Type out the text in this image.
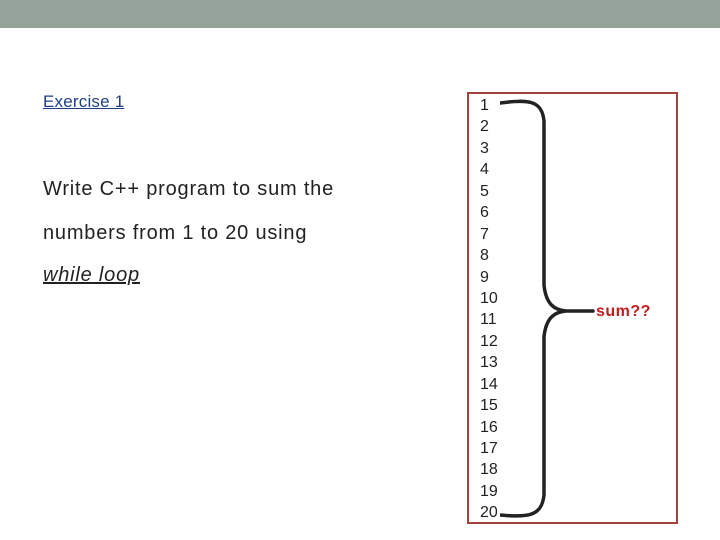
Exercise 1

Write C++ program to sum the

numbers from 1 to 20 using

while loop

1
2
3
4
5
6
7
8
9
10
11
12
13
14
15
16
17
18
19
20
sum??
